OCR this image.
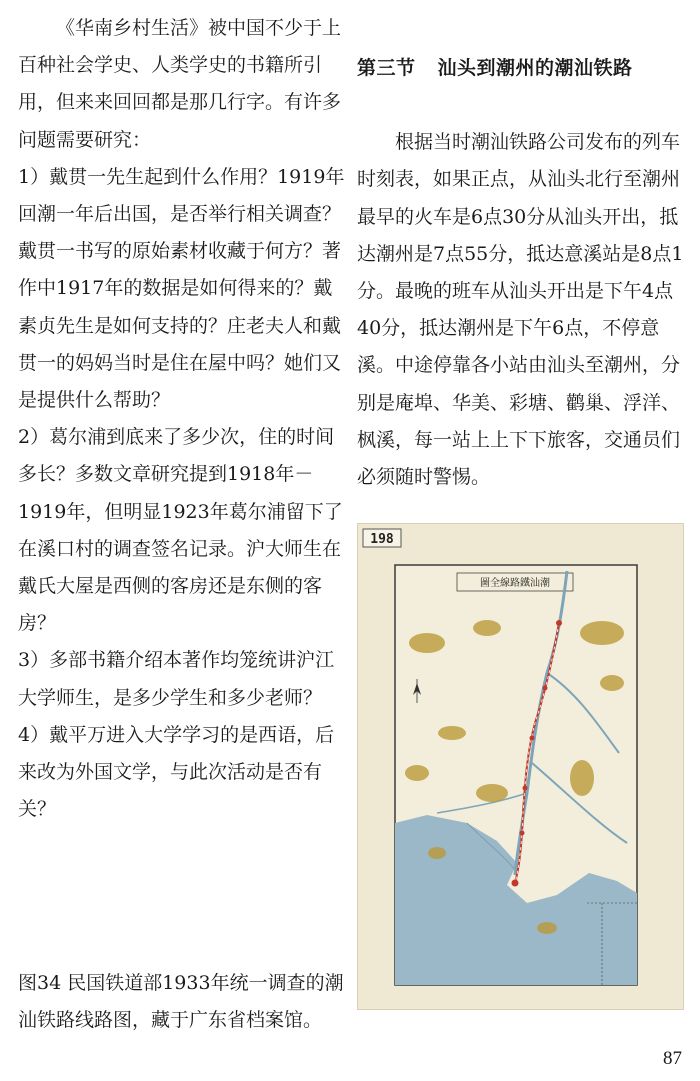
《华南乡村生活》被中国不少于上百种社会学史、人类学史的书籍所引用，但来来回回都是那几行字。有许多问题需要研究：

1）戴贯一先生起到什么作用？1919年回潮一年后出国，是否举行相关调查？戴贯一书写的原始素材收藏于何方？著作中1917年的数据是如何得来的？戴素贞先生是如何支持的？庄老夫人和戴贯一的妈妈当时是住在屋中吗？她们又是提供什么帮助？

2）葛尔浦到底来了多少次，住的时间多长？多数文章研究提到1918年－1919年，但明显1923年葛尔浦留下了在溪口村的调查签名记录。沪大师生在戴氏大屋是西侧的客房还是东侧的客房？

3）多部书籍介绍本著作均笼统讲沪江大学师生，是多少学生和多少老师？

4）戴平万进入大学学习的是西语，后来改为外国文学，与此次活动是否有关？

图34 民国铁道部1933年统一调查的潮汕铁路线路图，藏于广东省档案馆。

第三节 汕头到潮州的潮汕铁路

根据当时潮汕铁路公司发布的列车时刻表，如果正点，从汕头北行至潮州最早的火车是6点30分从汕头开出，抵达潮州是7点55分，抵达意溪站是8点1分。最晚的班车从汕头开出是下午4点40分，抵达潮州是下午6点，不停意溪。中途停靠各小站由汕头至潮州，分别是庵埠、华美、彩塘、鹳巢、浮洋、枫溪，每一站上上下下旅客，交通员们必须随时警惕。

198
圖全線路鐵汕潮
87
